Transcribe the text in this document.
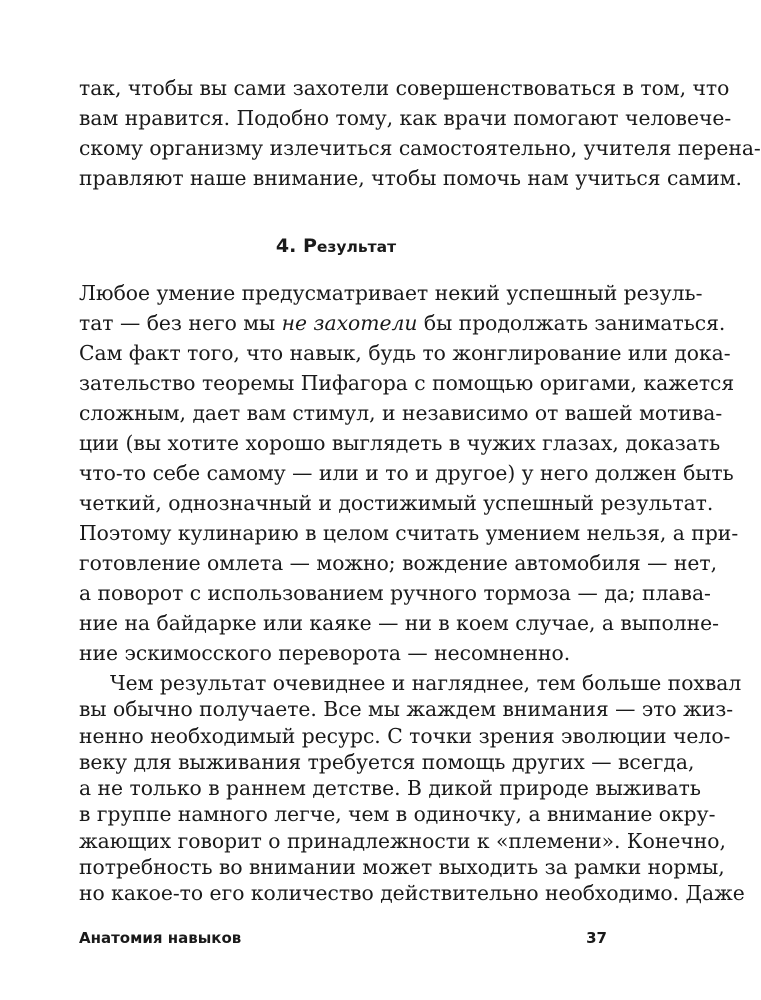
так, чтобы вы сами захотели совершенствоваться в том, что
вам нравится. Подобно тому, как врачи помогают человече-
скому организму излечиться самостоятельно, учителя перена-
правляют наше внимание, чтобы помочь нам учиться самим.
4. Результат
Любое умение предусматривает некий успешный резуль-
тат — без него мы не захотели бы продолжать заниматься.
Сам факт того, что навык, будь то жонглирование или дока-
зательство теоремы Пифагора с помощью оригами, кажется
сложным, дает вам стимул, и независимо от вашей мотива-
ции (вы хотите хорошо выглядеть в чужих глазах, доказать
что-то себе самому — или и то и другое) у него должен быть
четкий, однозначный и достижимый успешный результат.
Поэтому кулинарию в целом считать умением нельзя, а при-
готовление омлета — можно; вождение автомобиля — нет,
а поворот с использованием ручного тормоза — да; плава-
ние на байдарке или каяке — ни в коем случае, а выполне-
ние эскимосского переворота — несомненно.
Чем результат очевиднее и нагляднее, тем больше похвал
вы обычно получаете. Все мы жаждем внимания — это жиз-
ненно необходимый ресурс. С точки зрения эволюции чело-
веку для выживания требуется помощь других — всегда,
а не только в раннем детстве. В дикой природе выживать
в группе намного легче, чем в одиночку, а внимание окру-
жающих говорит о принадлежности к «племени». Конечно,
потребность во внимании может выходить за рамки нормы,
Анатомия навыков	37
но какое-то его количество действительно необходимо. Даже
